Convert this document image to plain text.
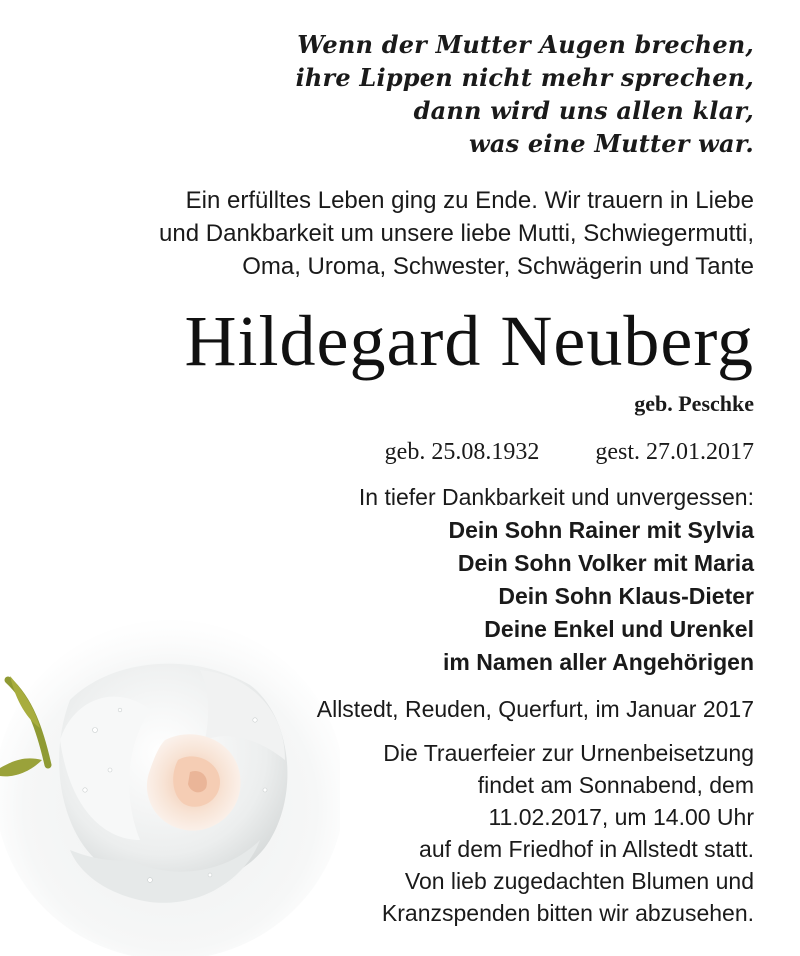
Wenn der Mutter Augen brechen,
ihre Lippen nicht mehr sprechen,
dann wird uns allen klar,
was eine Mutter war.
Ein erfülltes Leben ging zu Ende. Wir trauern in Liebe
und Dankbarkeit um unsere liebe Mutti, Schwiegermutti,
Oma, Uroma, Schwester, Schwägerin und Tante
Hildegard Neuberg
geb. Peschke
geb. 25.08.1932 gest. 27.01.2017
In tiefer Dankbarkeit und unvergessen:
Dein Sohn Rainer mit Sylvia
Dein Sohn Volker mit Maria
Dein Sohn Klaus-Dieter
Deine Enkel und Urenkel
im Namen aller Angehörigen
Allstedt, Reuden, Querfurt, im Januar 2017
Die Trauerfeier zur Urnenbeisetzung
findet am Sonnabend, dem
11.02.2017, um 14.00 Uhr
auf dem Friedhof in Allstedt statt.
Von lieb zugedachten Blumen und
Kranzspenden bitten wir abzusehen.
